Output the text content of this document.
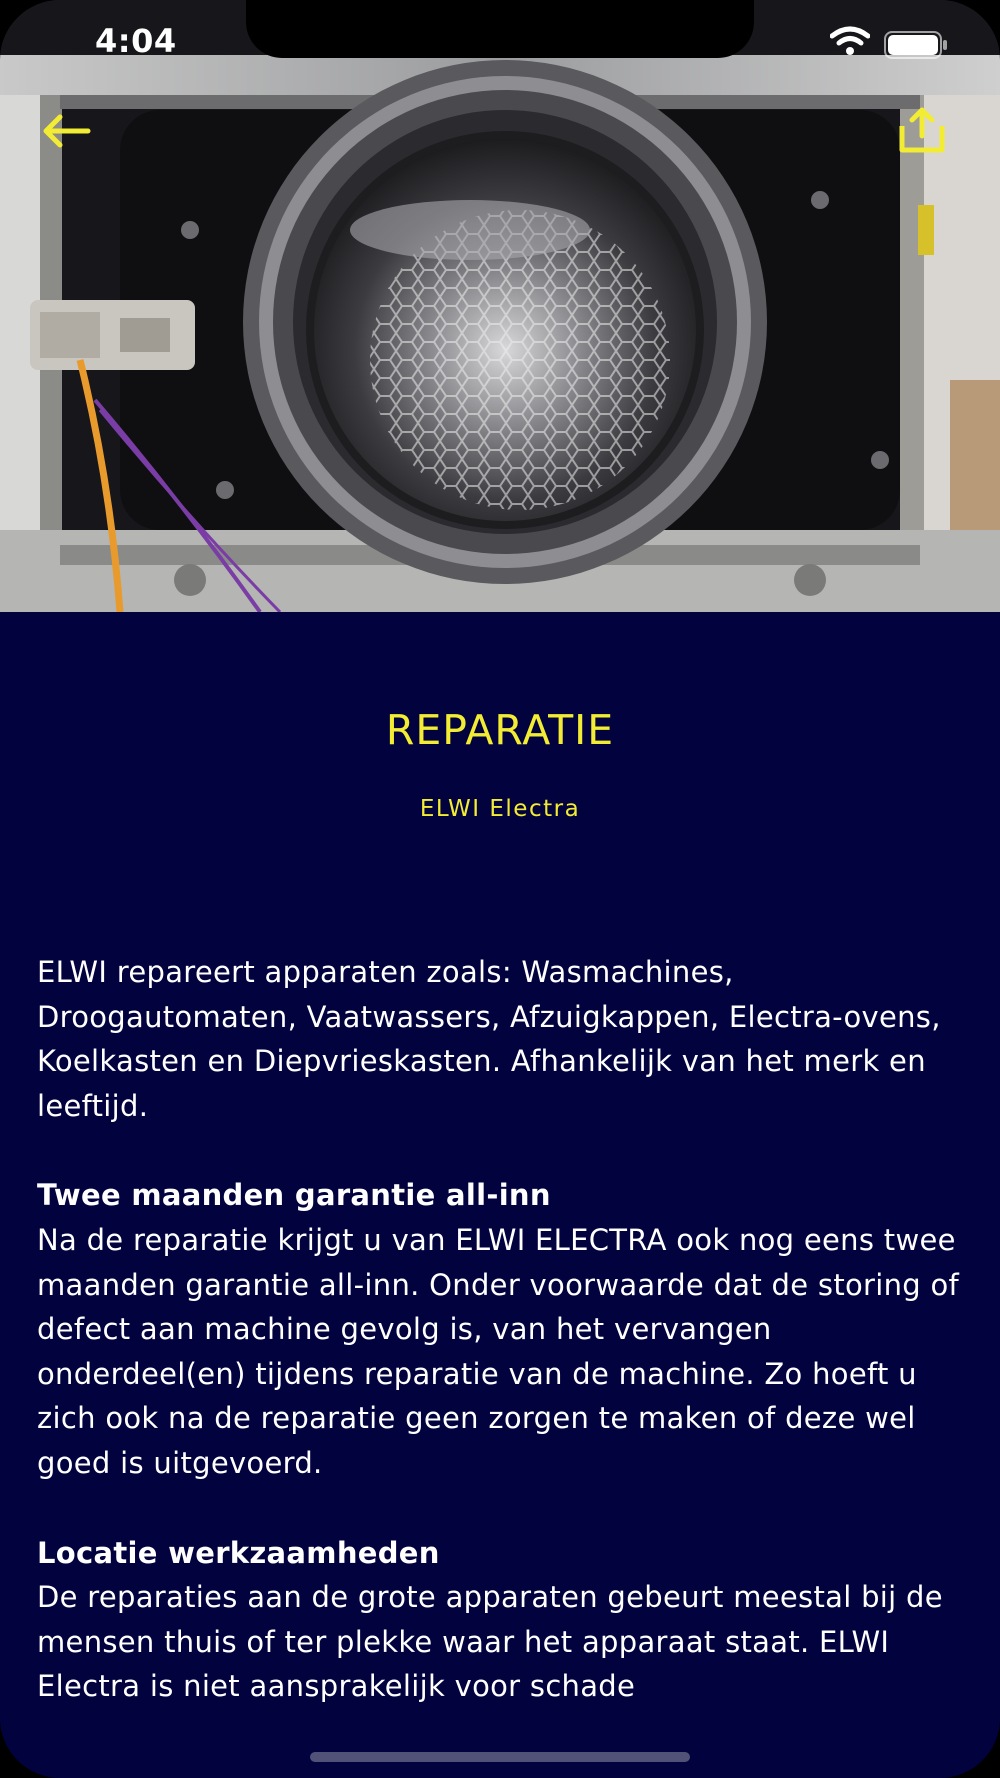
4:04
REPARATIE
ELWI Electra

ELWI repareert apparaten zoals: Wasmachines, Droogautomaten, Vaatwassers, Afzuigkappen, Electra-ovens, Koelkasten en Diepvrieskasten. Afhankelijk van het merk en leeftijd.

Twee maanden garantie all-inn
Na de reparatie krijgt u van ELWI ELECTRA ook nog eens twee maanden garantie all-inn. Onder voorwaarde dat de storing of defect aan machine gevolg is, van het vervangen onderdeel(en) tijdens reparatie van de machine. Zo hoeft u zich ook na de reparatie geen zorgen te maken of deze wel goed is uitgevoerd.

Locatie werkzaamheden
De reparaties aan de grote apparaten gebeurt meestal bij de mensen thuis of ter plekke waar het apparaat staat. ELWI Electra is niet aansprakelijk voor schade
